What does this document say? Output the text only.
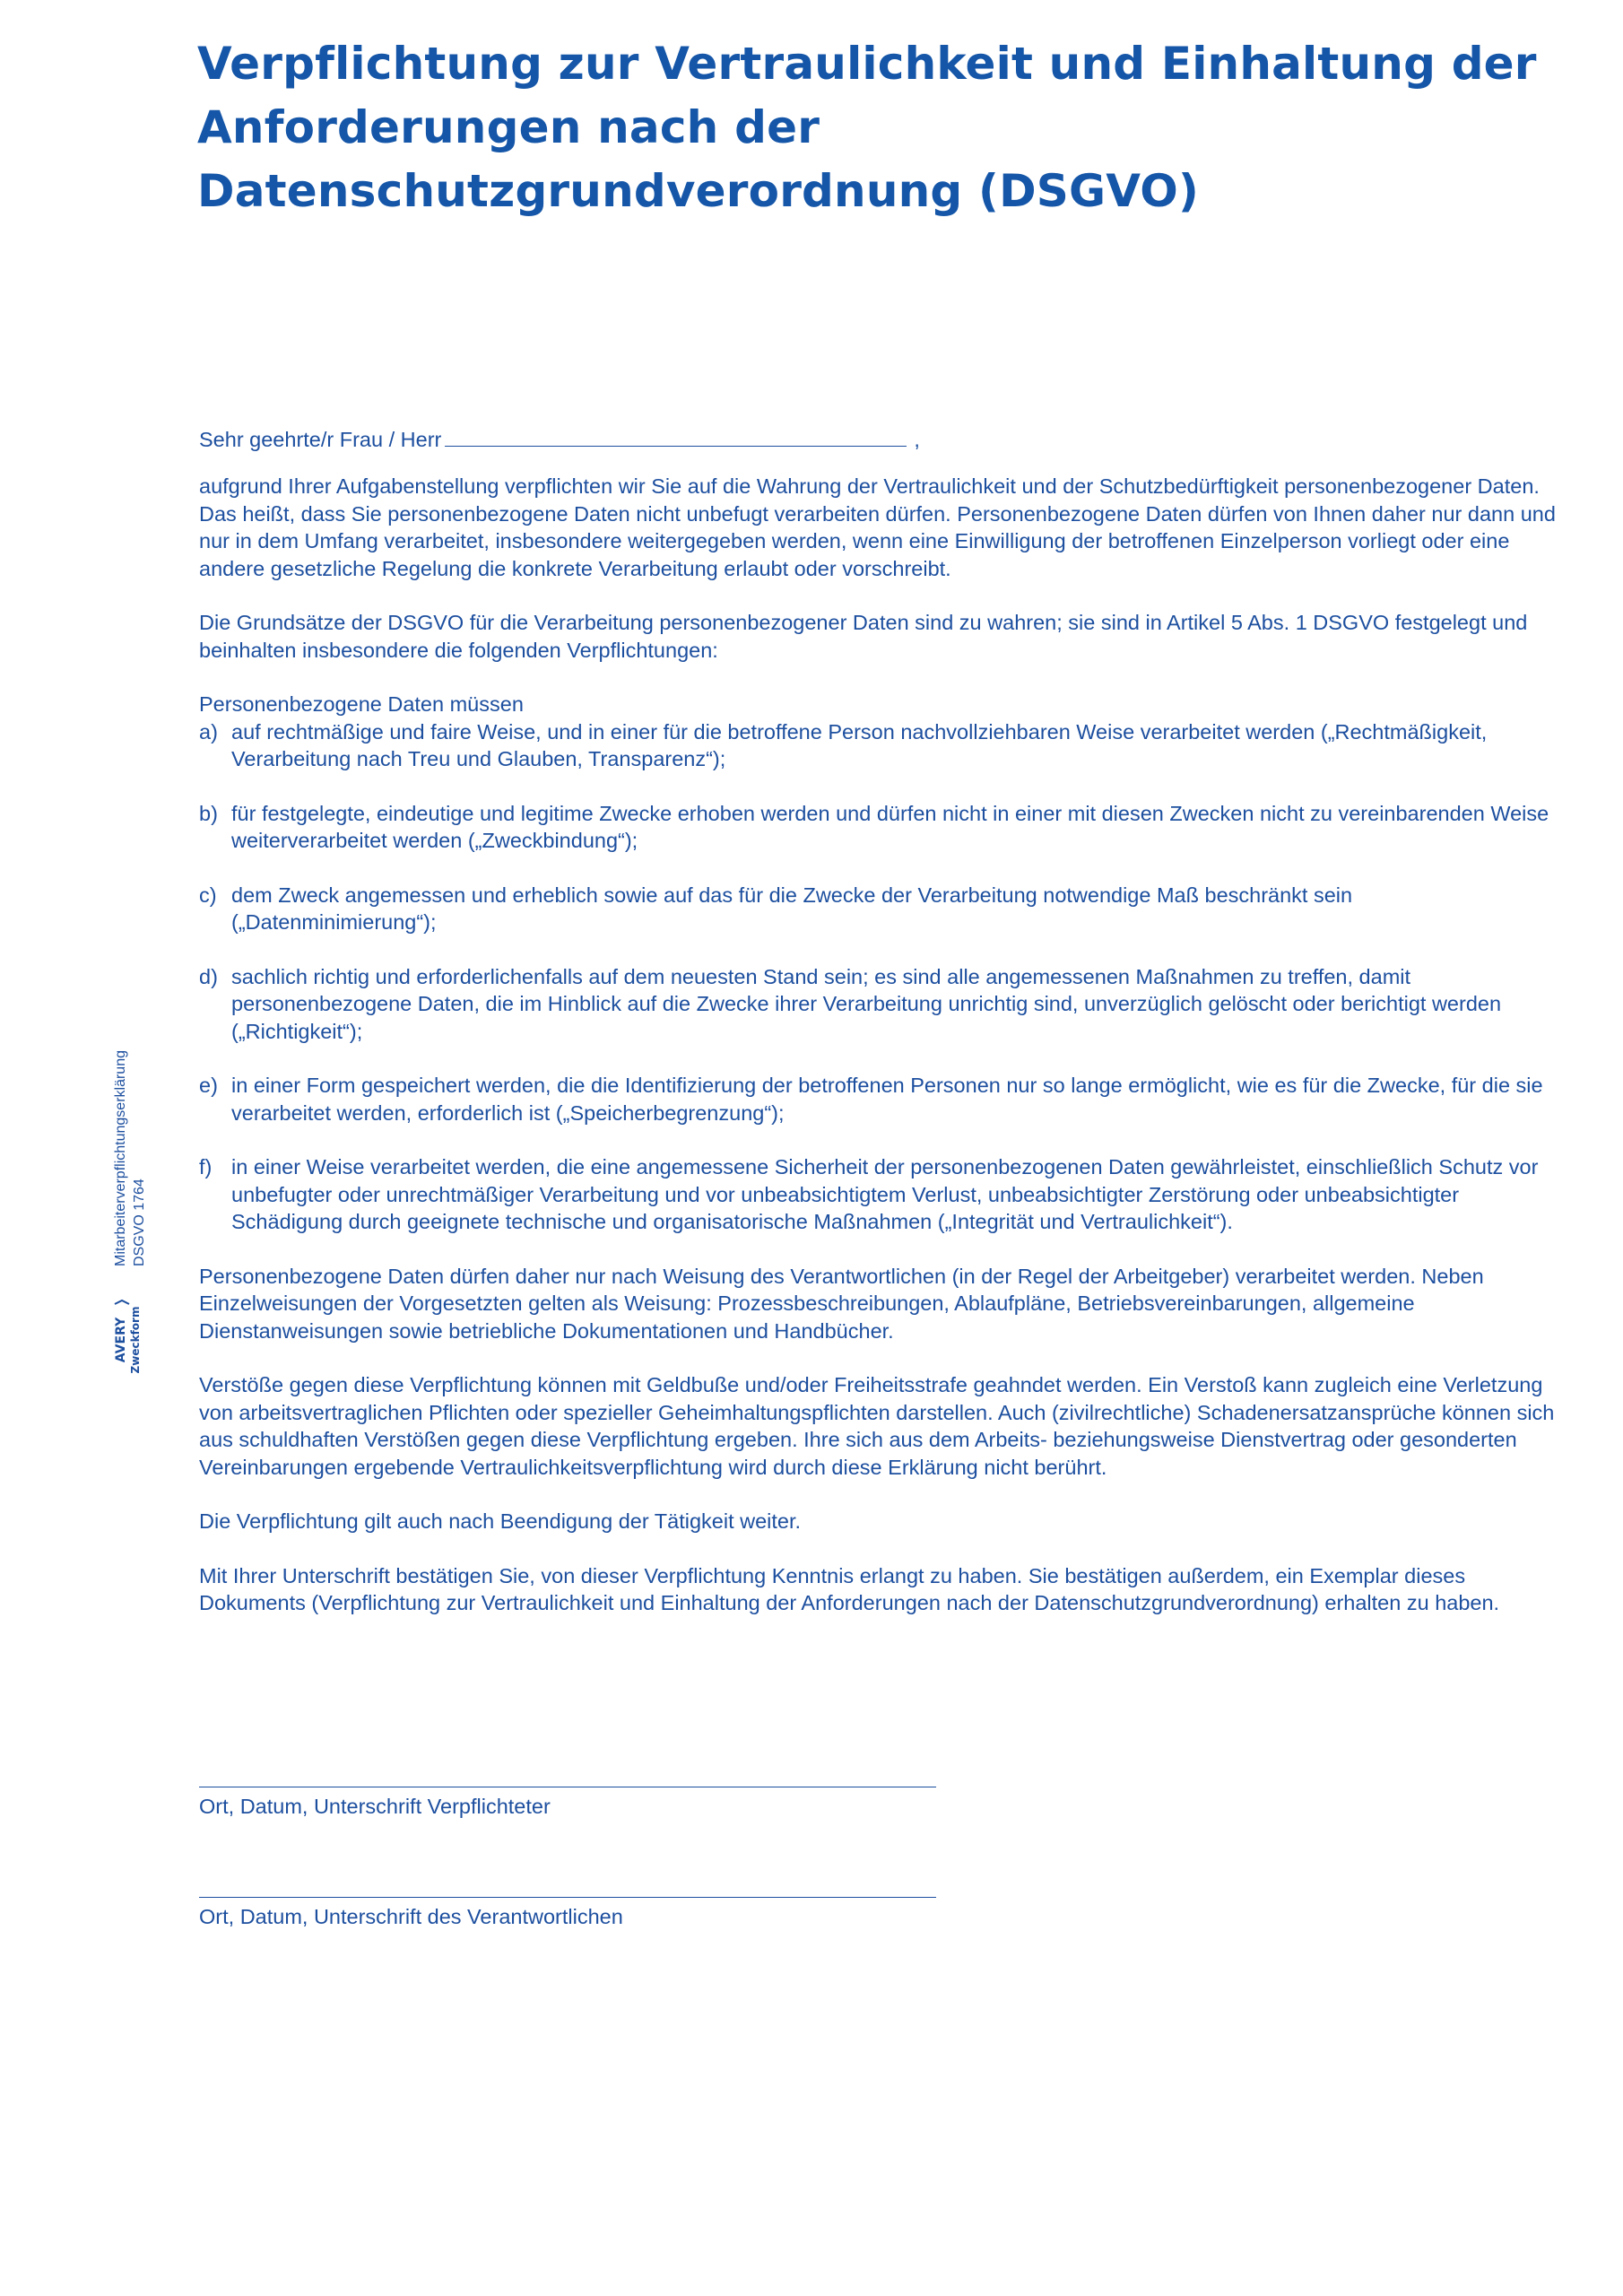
Verpflichtung zur Vertraulichkeit und Einhaltung der Anforderungen nach der Datenschutzgrundverordnung (DSGVO)

Sehr geehrte/r Frau / Herr	,

aufgrund Ihrer Aufgabenstellung verpflichten wir Sie auf die Wahrung der Vertraulichkeit und der Schutzbedürftigkeit personenbezogener Daten. Das heißt, dass Sie personenbezogene Daten nicht unbefugt verarbeiten dürfen. Personenbezogene Daten dürfen von Ihnen daher nur dann und nur in dem Umfang verarbeitet, insbesondere weitergegeben werden, wenn eine Einwilligung der betroffenen Einzelperson vorliegt oder eine andere gesetzliche Regelung die konkrete Verarbeitung erlaubt oder vorschreibt.

Die Grundsätze der DSGVO für die Verarbeitung personenbezogener Daten sind zu wahren; sie sind in Artikel 5 Abs. 1 DSGVO festgelegt und beinhalten insbesondere die folgenden Verpflichtungen:

Personenbezogene Daten müssen

a) auf rechtmäßige und faire Weise, und in einer für die betroffene Person nachvollziehbaren Weise verarbeitet werden („Rechtmäßigkeit, Verarbeitung nach Treu und Glauben, Transparenz“);
b) für festgelegte, eindeutige und legitime Zwecke erhoben werden und dürfen nicht in einer mit diesen Zwecken nicht zu vereinbarenden Weise weiterverarbeitet werden („Zweckbindung“);
c) dem Zweck angemessen und erheblich sowie auf das für die Zwecke der Verarbeitung notwendige Maß beschränkt sein („Datenminimierung“);
d) sachlich richtig und erforderlichenfalls auf dem neuesten Stand sein; es sind alle angemessenen Maßnahmen zu treffen, damit personenbezogene Daten, die im Hinblick auf die Zwecke ihrer Verarbeitung unrichtig sind, unverzüglich gelöscht oder berichtigt werden („Richtigkeit“);
e) in einer Form gespeichert werden, die die Identifizierung der betroffenen Personen nur so lange ermöglicht, wie es für die Zwecke, für die sie verarbeitet werden, erforderlich ist („Speicherbegrenzung“);
f) in einer Weise verarbeitet werden, die eine angemessene Sicherheit der personenbezogenen Daten gewährleistet, einschließlich Schutz vor unbefugter oder unrechtmäßiger Verarbeitung und vor unbeabsichtigtem Verlust, unbeabsichtigter Zerstörung oder unbeabsichtigter Schädigung durch geeignete technische und organisatorische Maßnahmen („Integrität und Vertraulichkeit“).

Personenbezogene Daten dürfen daher nur nach Weisung des Verantwortlichen (in der Regel der Arbeitgeber) verarbeitet werden. Neben Einzelweisungen der Vorgesetzten gelten als Weisung: Prozessbeschreibungen, Ablaufpläne, Betriebsvereinbarungen, allgemeine Dienstanweisungen sowie betriebliche Dokumentationen und Handbücher.

Verstöße gegen diese Verpflichtung können mit Geldbuße und/oder Freiheitsstrafe geahndet werden. Ein Verstoß kann zugleich eine Verletzung von arbeitsvertraglichen Pflichten oder spezieller Geheimhaltungspflichten darstellen. Auch (zivilrechtliche) Schadenersatzansprüche können sich aus schuldhaften Verstößen gegen diese Verpflichtung ergeben. Ihre sich aus dem Arbeits- beziehungsweise Dienstvertrag oder gesonderten Vereinbarungen ergebende Vertraulichkeitsverpflichtung wird durch diese Erklärung nicht berührt.

Die Verpflichtung gilt auch nach Beendigung der Tätigkeit weiter.

Mit Ihrer Unterschrift bestätigen Sie, von dieser Verpflichtung Kenntnis erlangt zu haben. Sie bestätigen außerdem, ein Exemplar dieses Dokuments (Verpflichtung zur Vertraulichkeit und Einhaltung der Anforderungen nach der Datenschutzgrundverordnung) erhalten zu haben.

Ort, Datum, Unterschrift Verpflichteter
Ort, Datum, Unterschrift des Verantwortlichen
Mitarbeiterverpflichtungserklärung DSGVO 1764
AVERY Zweckform
